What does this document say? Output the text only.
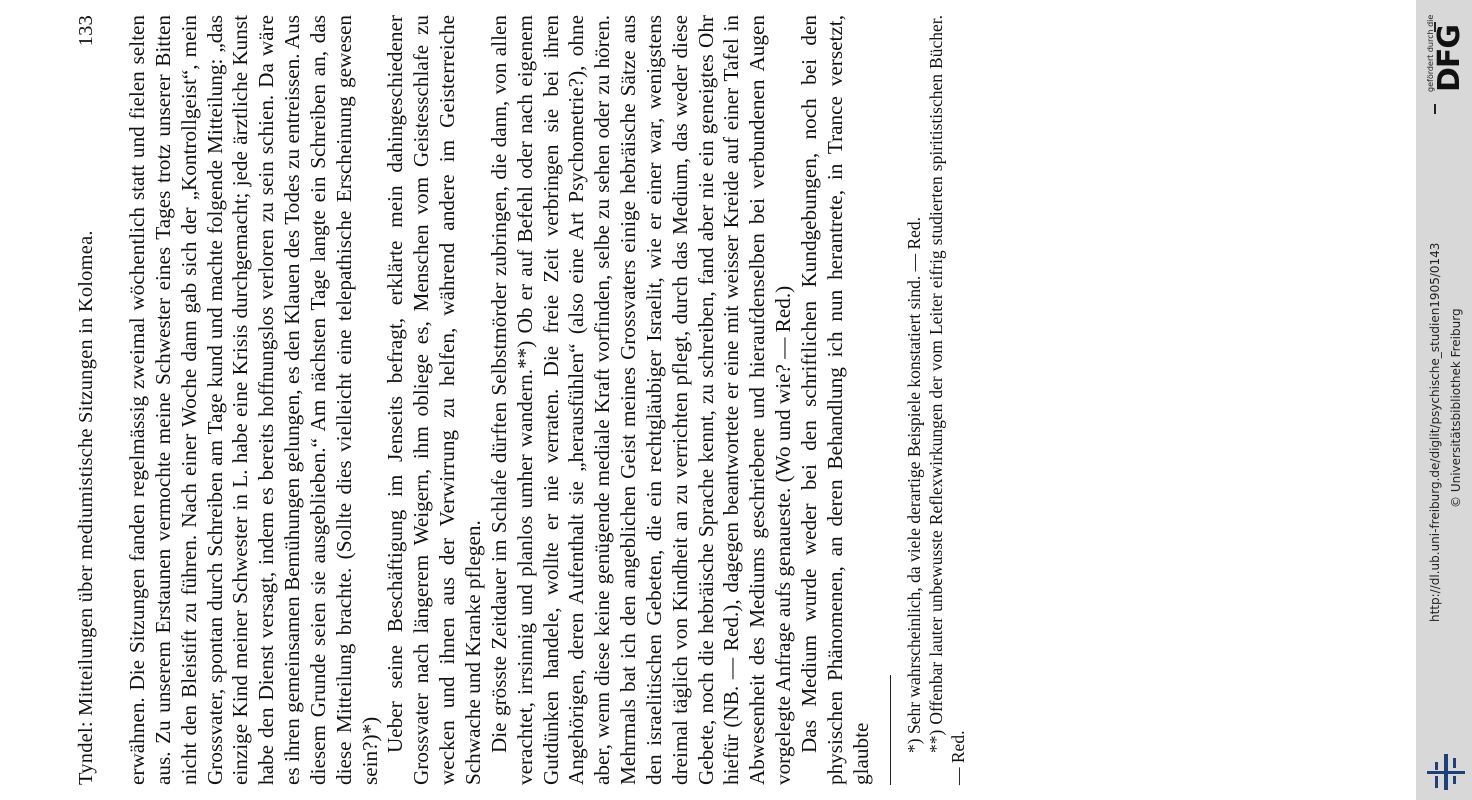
Tyndel: Mitteilungen über mediumistische Sitzungen in Kolomea.
133 erwähnen. Die Sitzungen fanden regelmässig zweimal wöchentlich statt und fielen selten aus. Zu unserem Erstaunen vermochte meine Schwester eines Tages trotz unserer Bitten nicht den Bleistift zu führen. Nach einer Woche dann gab sich der „Kontrollgeist“, mein Grossvater, spontan durch Schreiben am Tage kund und machte folgende Mitteilung: „das einzige Kind meiner Schwester in L. habe eine Krisis durchgemacht; jede ärztliche Kunst habe den Dienst versagt, indem es bereits hoffnungslos verloren zu sein schien. Da wäre es ihren gemeinsamen Bemühungen gelungen, es den Klauen des Todes zu entreissen. Aus diesem Grunde seien sie ausgeblieben.“ Am nächsten Tage langte ein Schreiben an, das diese Mitteilung brachte. (Sollte dies vielleicht eine telepathische Erscheinung gewesen sein?)*) Ueber seine Beschäftigung im Jenseits befragt, erklärte mein dahingeschiedener Grossvater nach längerem Weigern, ihm obliege es, Menschen vom Geistesschlafe zu wecken und ihnen aus der Verwirrung zu helfen, während andere im Geisterreiche Schwache und Kranke pflegen. Die grösste Zeitdauer im Schlafe dürften Selbstmörder zubringen, die dann, von allen verachtet, irrsinnig und planlos umher wandern.**) Ob er auf Befehl oder nach eigenem Gutdünken handele, wollte er nie verraten. Die freie Zeit verbringen sie bei ihren Angehörigen, deren Aufenthalt sie „herausfühlen“ (also eine Art Psychometrie?), ohne aber, wenn diese keine genügende mediale Kraft vorfinden, selbe zu sehen oder zu hören. Mehrmals bat ich den angeblichen Geist meines Grossvaters einige hebräische Sätze aus den israelitischen Gebeten, die ein rechtgläubiger Israelit, wie er einer war, wenigstens dreimal täglich von Kindheit an zu verrichten pflegt, durch das Medium, das weder diese Gebete, noch die hebräische Sprache kennt, zu schreiben, fand aber nie ein geneigtes Ohr hiefür (NB. — Red.), dagegen beantwortete er eine mit weisser Kreide auf einer Tafel in Abwesenheit des Mediums geschriebene und hieraufdenselben bei verbundenen Augen vorgelegte Anfrage aufs genaueste. (Wo und wie? — Red.) Das Medium wurde weder bei den schriftlichen Kundgebungen, noch bei den physischen Phänomenen, an deren Behandlung ich nun herantrete, in Trance versetzt, glaubte

*) Sehr wahrscheinlich, da viele derartige Beispiele konstatiert sind. — Red. **) Offenbar lauter unbewusste Reflexwirkungen der vom Leiter eifrig studierten spiritistischen Bücher. — Red.

gefördert durch die
DFG
http://dl.ub.uni-freiburg.de/diglit/psychische_studien1905/0143 © Universitätsbibliothek Freiburg
